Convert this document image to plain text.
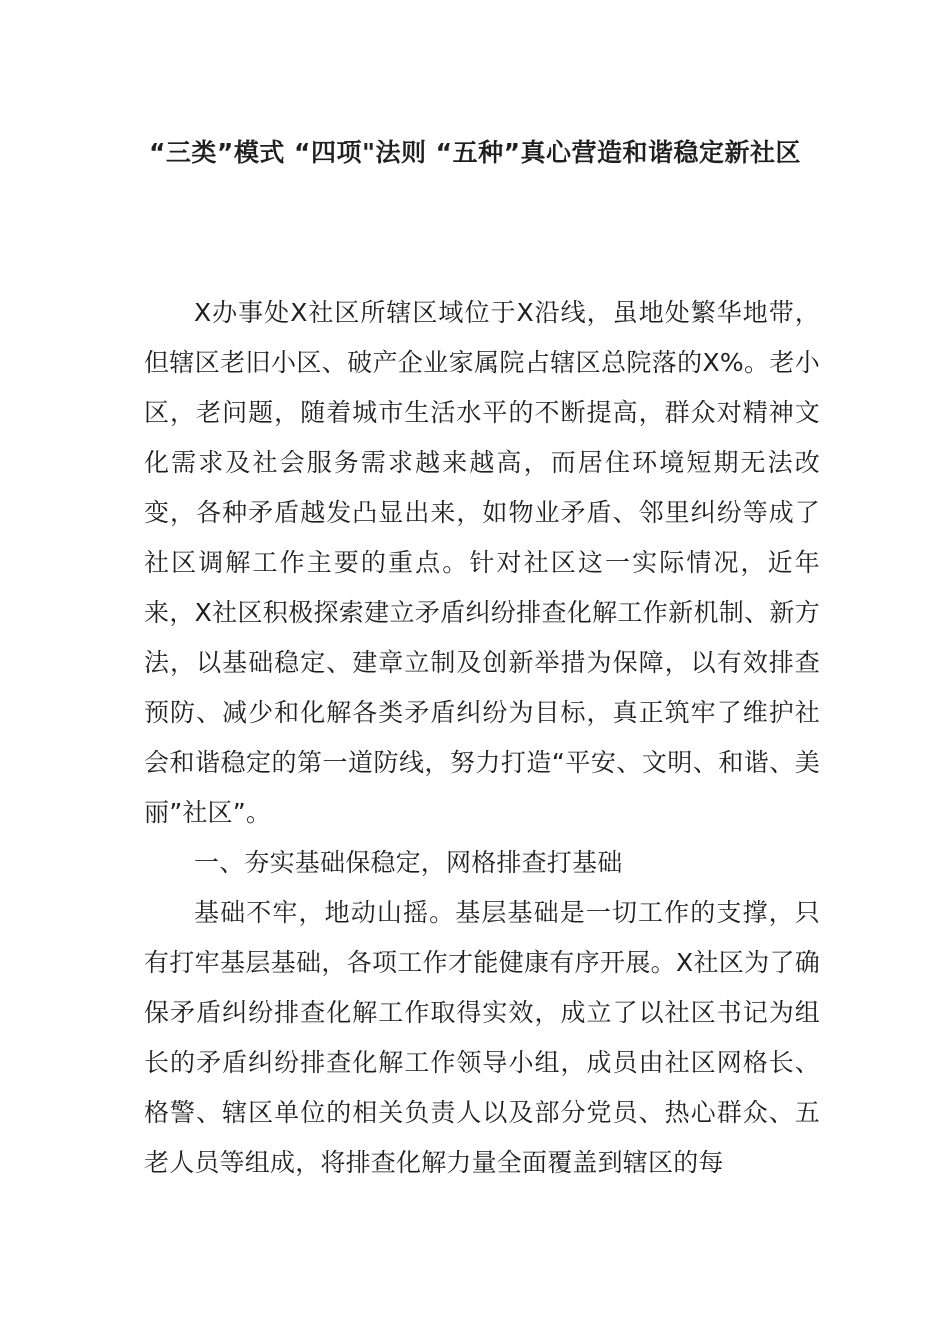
“三类”模式 “四项"法则 “五种”真心营造和谐稳定新社区

X办事处X社区所辖区域位于X沿线，虽地处繁华地带，但辖区老旧小区、破产企业家属院占辖区总院落的X%。老小区，老问题，随着城市生活水平的不断提高，群众对精神文化需求及社会服务需求越来越高，而居住环境短期无法改变，各种矛盾越发凸显出来，如物业矛盾、邻里纠纷等成了社区调解工作主要的重点。针对社区这一实际情况，近年来，X社区积极探索建立矛盾纠纷排查化解工作新机制、新方法，以基础稳定、建章立制及创新举措为保障，以有效排查预防、减少和化解各类矛盾纠纷为目标，真正筑牢了维护社会和谐稳定的第一道防线，努力打造“平安、文明、和谐、美丽”社区”。

一、夯实基础保稳定，网格排查打基础

基础不牢，地动山摇。基层基础是一切工作的支撑，只有打牢基层基础，各项工作才能健康有序开展。X社区为了确保矛盾纠纷排查化解工作取得实效，成立了以社区书记为组长的矛盾纠纷排查化解工作领导小组，成员由社区网格长、格警、辖区单位的相关负责人以及部分党员、热心群众、五老人员等组成，将排查化解力量全面覆盖到辖区的每
